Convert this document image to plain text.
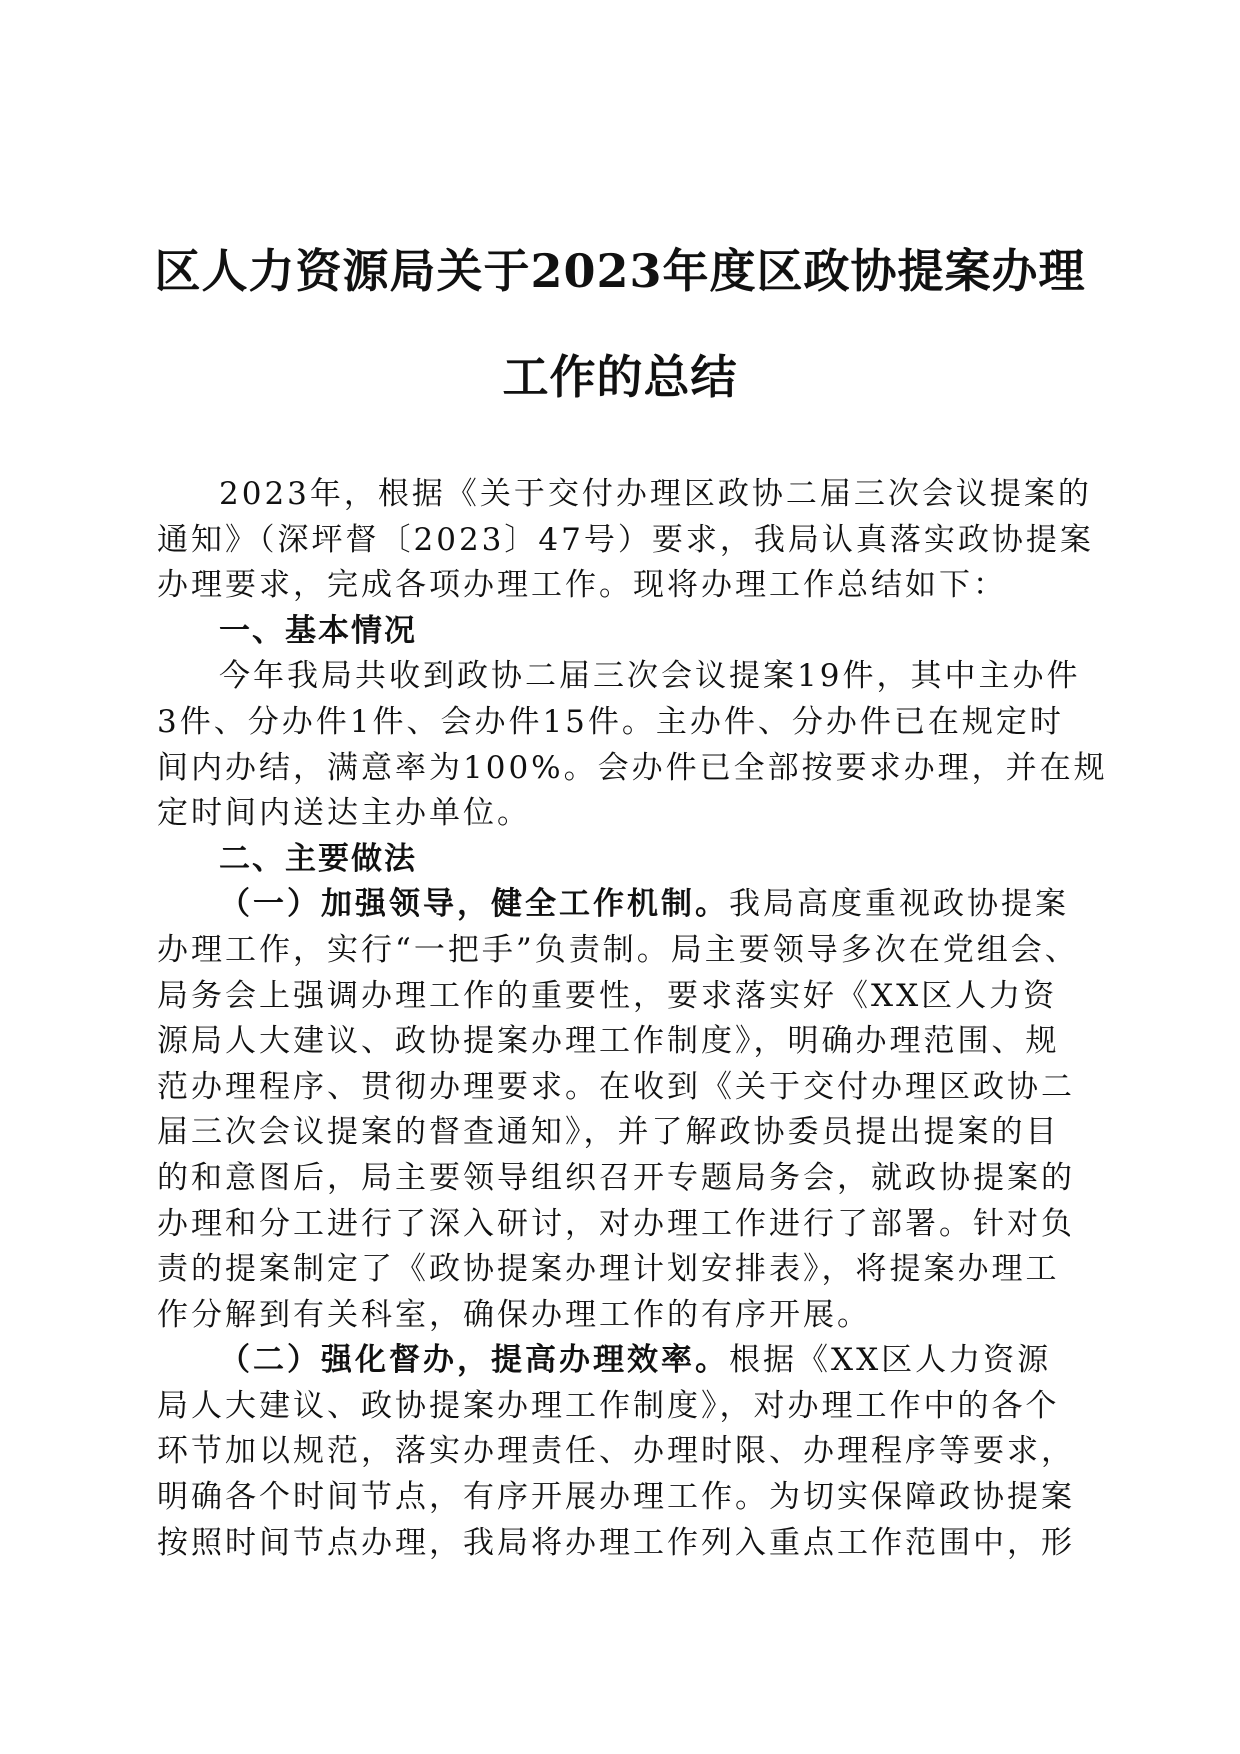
区人力资源局关于2023年度区政协提案办理
工作的总结
2023年，根据《关于交付办理区政协二届三次会议提案的
通知》（深坪督〔2023〕47号）要求，我局认真落实政协提案
办理要求，完成各项办理工作。现将办理工作总结如下：
一、基本情况
今年我局共收到政协二届三次会议提案19件，其中主办件
3件、分办件1件、会办件15件。主办件、分办件已在规定时
间内办结，满意率为100%。会办件已全部按要求办理，并在规
定时间内送达主办单位。
二、主要做法
（一）加强领导，健全工作机制。我局高度重视政协提案
办理工作，实行“一把手”负责制。局主要领导多次在党组会、
局务会上强调办理工作的重要性，要求落实好《XX区人力资
源局人大建议、政协提案办理工作制度》，明确办理范围、规
范办理程序、贯彻办理要求。在收到《关于交付办理区政协二
届三次会议提案的督查通知》，并了解政协委员提出提案的目
的和意图后，局主要领导组织召开专题局务会，就政协提案的
办理和分工进行了深入研讨，对办理工作进行了部署。针对负
责的提案制定了《政协提案办理计划安排表》，将提案办理工
作分解到有关科室，确保办理工作的有序开展。
（二）强化督办，提高办理效率。根据《XX区人力资源
局人大建议、政协提案办理工作制度》，对办理工作中的各个
环节加以规范，落实办理责任、办理时限、办理程序等要求，
明确各个时间节点，有序开展办理工作。为切实保障政协提案
按照时间节点办理，我局将办理工作列入重点工作范围中，形
